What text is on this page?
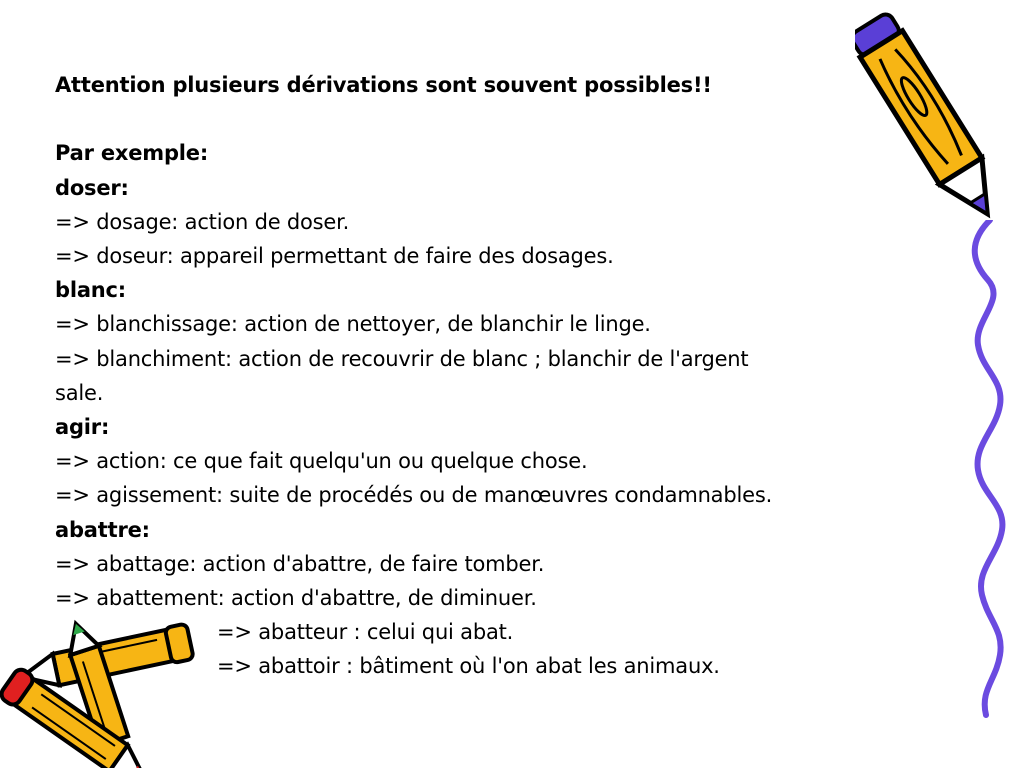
Attention plusieurs dérivations sont souvent possibles!!
Par exemple:
doser:
=> dosage: action de doser.
=> doseur: appareil permettant de faire des dosages.
blanc:
=> blanchissage: action de nettoyer, de blanchir le linge.
=> blanchiment: action de recouvrir de blanc ; blanchir de l'argent
sale.
agir:
=> action: ce que fait quelqu'un ou quelque chose.
=> agissement: suite de procédés ou de manœuvres condamnables.
abattre:
=> abattage: action d'abattre, de faire tomber.
=> abattement: action d'abattre, de diminuer.
=> abatteur : celui qui abat.
=> abattoir : bâtiment où l'on abat les animaux.
